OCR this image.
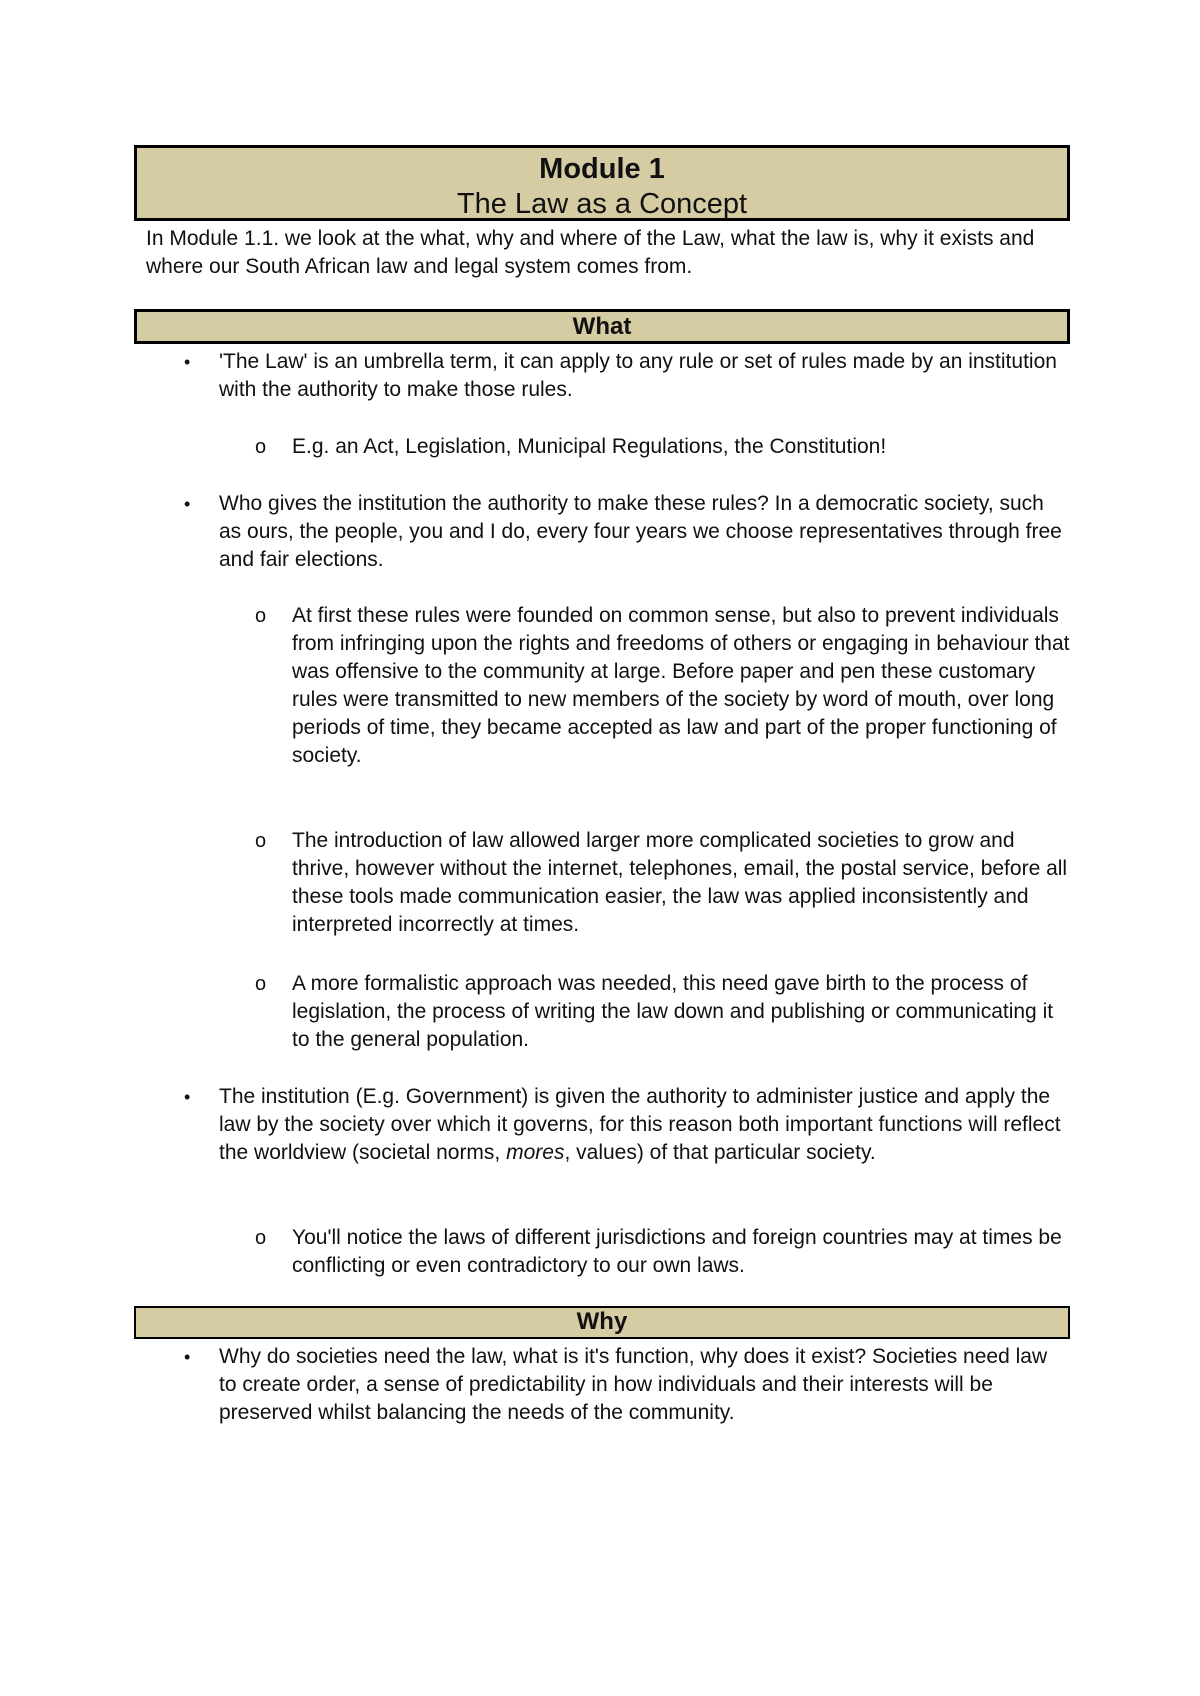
Module 1
The Law as a Concept
In Module 1.1. we look at the what, why and where of the Law, what the law is, why it exists and where our South African law and legal system comes from.
What
• 'The Law' is an umbrella term, it can apply to any rule or set of rules made by an institution with the authority to make those rules.
o E.g. an Act, Legislation, Municipal Regulations, the Constitution!
• Who gives the institution the authority to make these rules? In a democratic society, such as ours, the people, you and I do, every four years we choose representatives through free and fair elections.
o At first these rules were founded on common sense, but also to prevent individuals from infringing upon the rights and freedoms of others or engaging in behaviour that was offensive to the community at large. Before paper and pen these customary rules were transmitted to new members of the society by word of mouth, over long periods of time, they became accepted as law and part of the proper functioning of society.
o The introduction of law allowed larger more complicated societies to grow and thrive, however without the internet, telephones, email, the postal service, before all these tools made communication easier, the law was applied inconsistently and interpreted incorrectly at times.
o A more formalistic approach was needed, this need gave birth to the process of legislation, the process of writing the law down and publishing or communicating it to the general population.
• The institution (E.g. Government) is given the authority to administer justice and apply the law by the society over which it governs, for this reason both important functions will reflect the worldview (societal norms, mores, values) of that particular society.
o You'll notice the laws of different jurisdictions and foreign countries may at times be conflicting or even contradictory to our own laws.
Why
• Why do societies need the law, what is it's function, why does it exist? Societies need law to create order, a sense of predictability in how individuals and their interests will be preserved whilst balancing the needs of the community.
